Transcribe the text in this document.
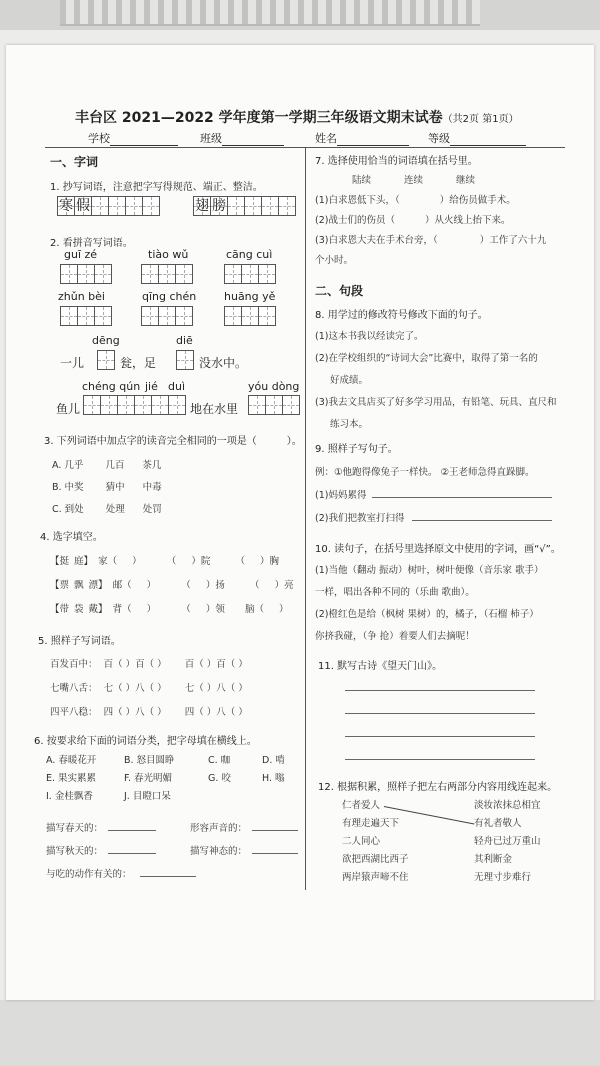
丰台区 2021—2022 学年度第一学期三年级语文期末试卷（共2页 第1页）
学校	班级	姓名	等级
一、字词
1. 抄写词语，注意把字写得规范、端正、整洁。
寒 假	翅 膀
2. 看拼音写词语。
guī zé	tiào wǔ	cāng cuì
zhǔn bèi	qīng chén	huāng yě
dēng	diē
一儿	瓮，足	没水中。
chéng qún jié duì	yóu dòng
鱼儿	地在水里
3. 下列词语中加点字的读音完全相同的一项是（	）。
A. 几乎 几百 茶几
B. 中奖 猜中 中毒
C. 到处 处理 处罚
4. 选字填空。
【挺 庭】 家（ ）	（ ）院	（ ）胸
【票 飘 漂】 邮（ ）	（ ）扬	（ ）亮
【带 袋 戴】 背（ ）	（ ）领 脑（ ）
5. 照样子写词语。
百发百中： 百（ ）百（ ） 百（ ）百（ ）
七嘴八舌： 七（ ）八（ ） 七（ ）八（ ）
四平八稳： 四（ ）八（ ） 四（ ）八（ ）
6. 按要求给下面的词语分类，把字母填在横线上。
A. 春暖花开	B. 怒目圆睁	C. 咖	D. 啃
E. 果实累累	F. 春光明媚	G. 咬	H. 嗡
I. 金桂飘香	J. 目瞪口呆
描写春天的：	形容声音的：
描写秋天的：	描写神态的：
与吃的动作有关的：
7. 选择使用恰当的词语填在括号里。
陆续	连续	继续
(1)白求恩低下头，（	）给伤员做手术。
(2)战士们的伤员（	）从火线上抬下来。
(3)白求恩大夫在手术台旁，（	）工作了六十九
个小时。
二、句段
8. 用学过的修改符号修改下面的句子。
(1)这本书我以经读完了。
(2)在学校组织的“诗词大会”比赛中，取得了第一名的
好成绩。
(3)我去文具店买了好多学习用品，有铅笔、玩具、直尺和
练习本。
9. 照样子写句子。
例：①他跑得像兔子一样快。 ②王老师急得直跺脚。
(1)妈妈累得
(2)我们把教室打扫得
10. 读句子，在括号里选择原文中使用的字词，画“√”。
(1)当他（翻动 振动）树叶，树叶便像（音乐家 歌手）
一样，唱出各种不同的（乐曲 歌曲）。
(2)橙红色是给（枫树 果树）的，橘子，（石榴 柿子）
你挤我碰，（争 抢）着要人们去摘呢！
11. 默写古诗《望天门山》。
12. 根据积累，照样子把左右两部分内容用线连起来。
仁者爱人
有理走遍天下
二人同心
欲把西湖比西子
两岸猿声啼不住
淡妆浓抹总相宜
有礼者敬人
轻舟已过万重山
其利断金
无理寸步难行
